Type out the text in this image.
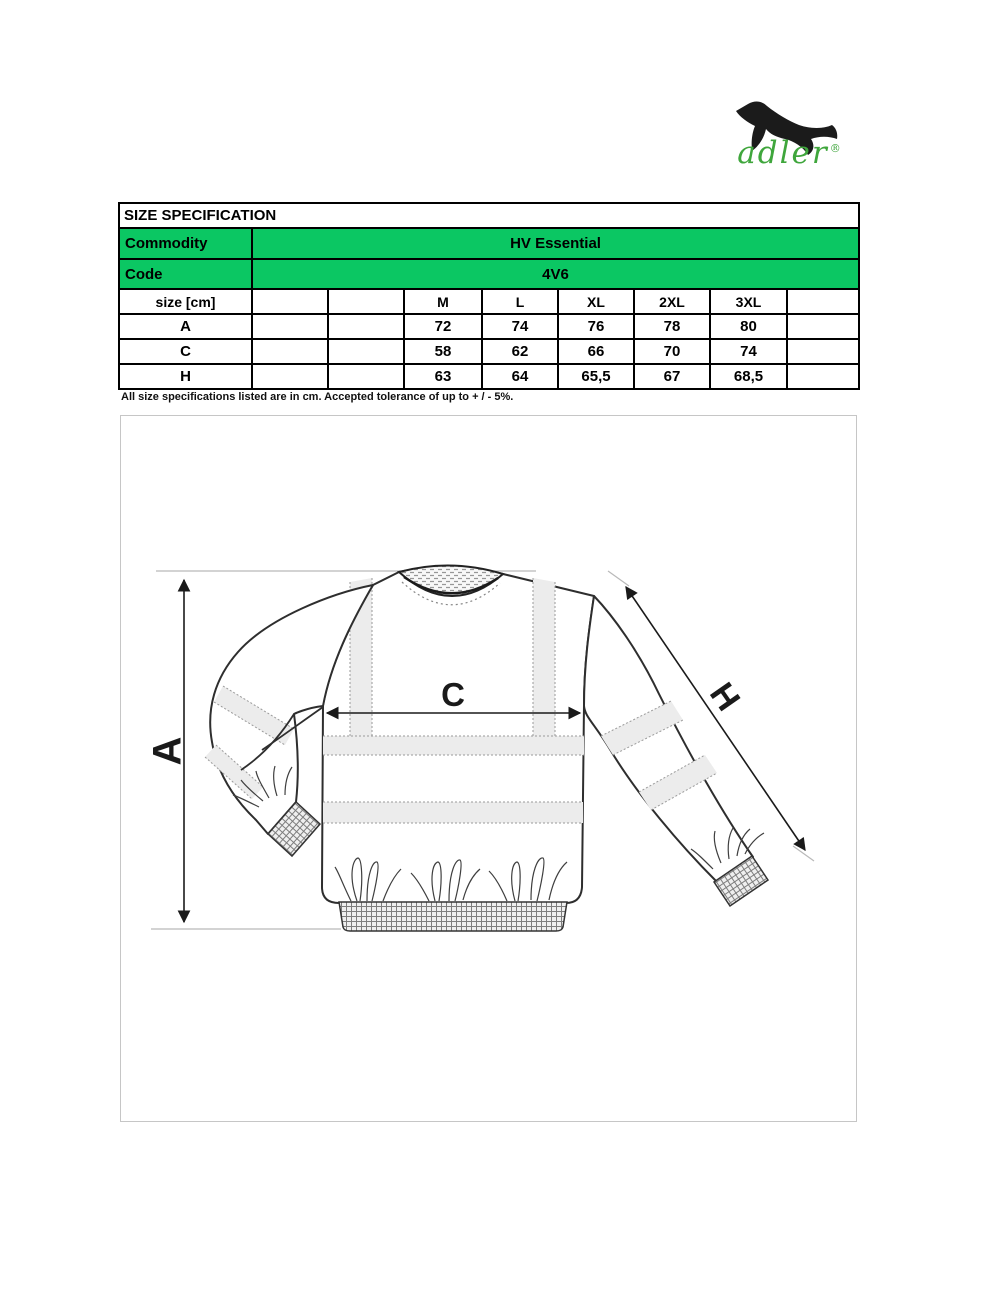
adler®
SIZE SPECIFICATION								
Commodity	HV Essential							
Code	4V6							
size [cm]			M	L	XL	2XL	3XL	
A			72	74	76	78	80	
C			58	62	66	70	74	
H			63	64	65,5	67	68,5	
All size specifications listed are in cm. Accepted tolerance of up to + / - 5%.
A
C	H
